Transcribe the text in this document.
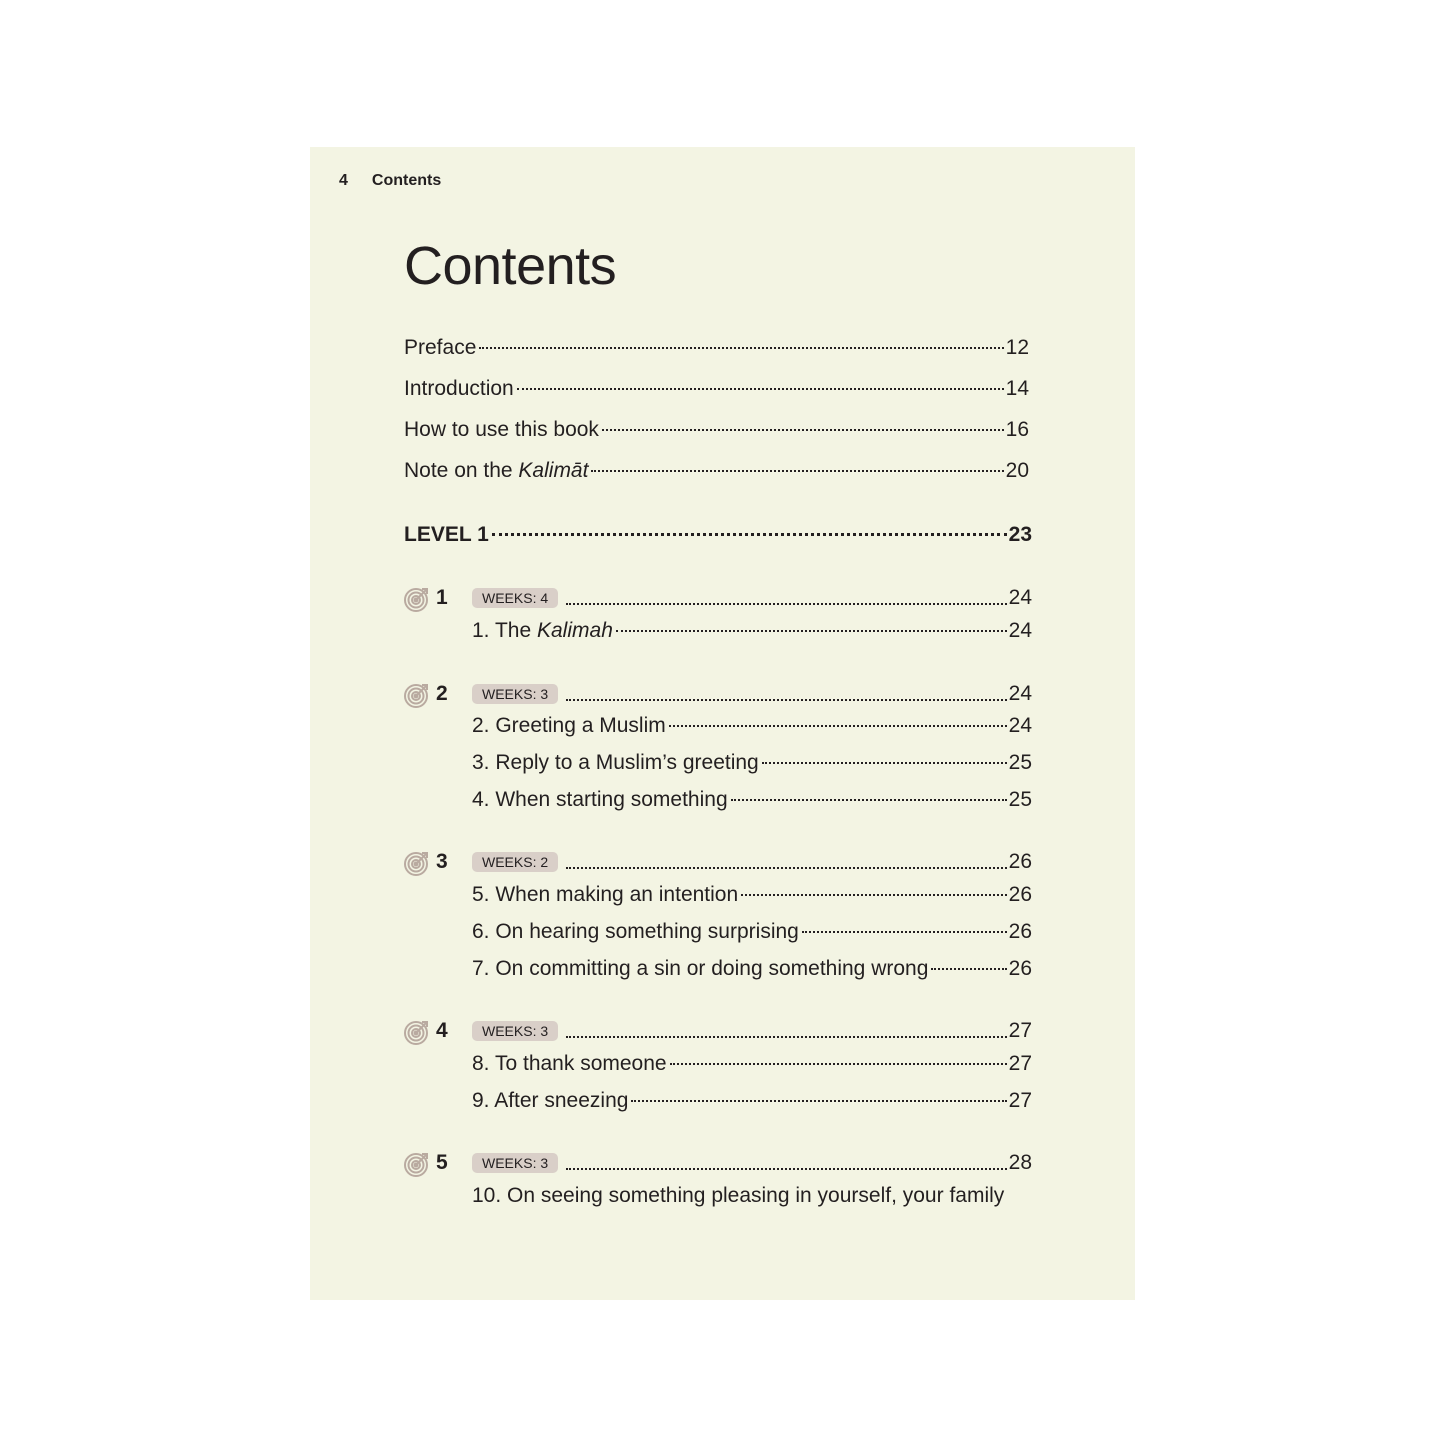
4 Contents
Contents
Preface	12
Introduction	14
How to use this book	16
Note on the Kalimāt	20
LEVEL 1	23
1	WEEKS: 4	24
1. The Kalimah	24
2	WEEKS: 3	24
2. Greeting a Muslim	24
3. Reply to a Muslim’s greeting	25
4. When starting something	25
3	WEEKS: 2	26
5. When making an intention	26
6. On hearing something surprising	26
7. On committing a sin or doing something wrong	26
4	WEEKS: 3	27
8. To thank someone	27
9. After sneezing	27
5	WEEKS: 3	28
10. On seeing something pleasing in yourself, your family
